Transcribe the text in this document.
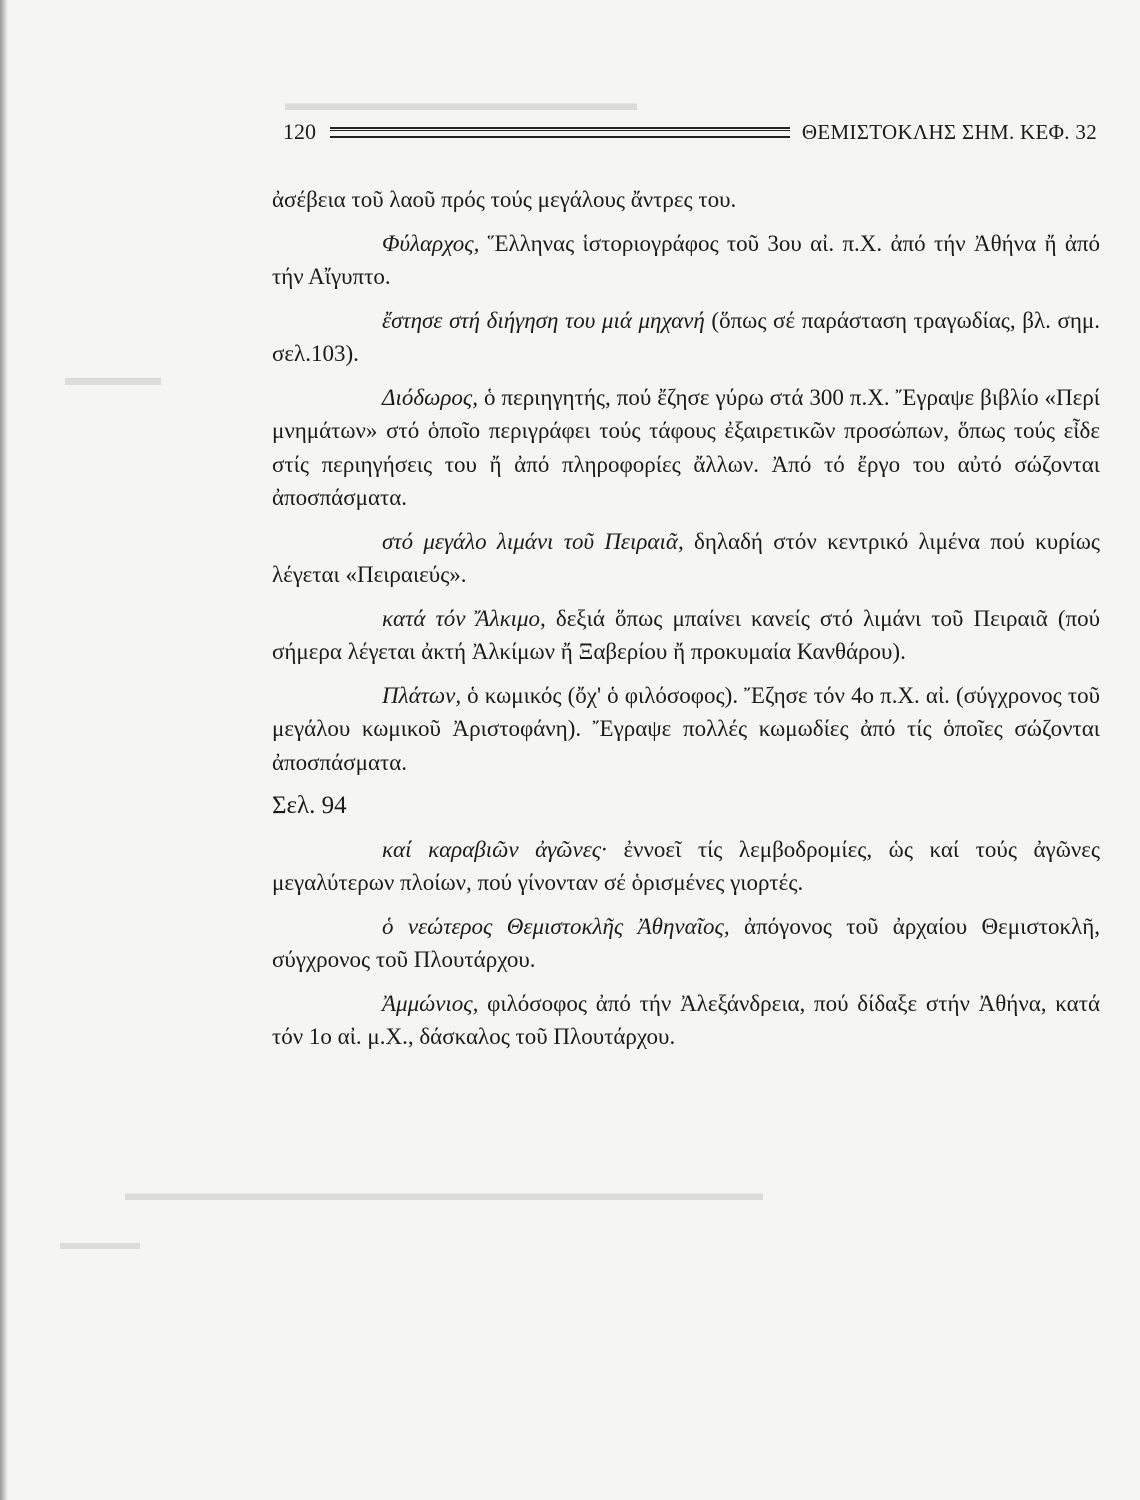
▬▬▬▬▬▬▬▬▬▬▬▬▬▬▬▬
▬▬▬▬
▬▬▬▬▬▬▬▬▬▬▬▬▬▬▬▬▬▬▬▬▬▬▬▬▬▬▬▬▬
▬▬▬▬
120	ΘΕΜΙΣΤΟΚΛΗΣ ΣΗΜ. ΚΕΦ. 32

ἀσέβεια τοῦ λαοῦ πρός τούς μεγάλους ἄντρες του.

Φύλαρχος, Ἕλληνας ἱστοριογράφος τοῦ 3ου αἰ. π.Χ. ἀπό τήν Ἀθήνα ἤ ἀπό τήν Αἴγυπτο.

ἔστησε στή διήγηση του μιά μηχανή (ὅπως σέ παράσταση τραγωδίας, βλ. σημ. σελ.103).

Διόδωρος, ὁ περιηγητής, πού ἔζησε γύρω στά 300 π.Χ. Ἔγραψε βιβλίο «Περί μνημάτων» στό ὁποῖο περιγράφει τούς τάφους ἐξαιρετικῶν προσώπων, ὅπως τούς εἶδε στίς περιηγήσεις του ἤ ἀπό πληροφορίες ἄλλων. Ἀπό τό ἔργο του αὐτό σώζονται ἀποσπάσματα.

στό μεγάλο λιμάνι τοῦ Πειραιᾶ, δηλαδή στόν κεντρικό λιμένα πού κυρίως λέγεται «Πειραιεύς».

κατά τόν Ἄλκιμο, δεξιά ὅπως μπαίνει κανείς στό λιμάνι τοῦ Πειραιᾶ (πού σήμερα λέγεται ἀκτή Ἀλκίμων ἤ Ξαβερίου ἤ προκυμαία Κανθάρου).

Πλάτων, ὁ κωμικός (ὄχ' ὁ φιλόσοφος). Ἔζησε τόν 4ο π.Χ. αἰ. (σύγχρονος τοῦ μεγάλου κωμικοῦ Ἀριστοφάνη). Ἔγραψε πολλές κωμωδίες ἀπό τίς ὁποῖες σώζονται ἀποσπάσματα.

Σελ. 94

καί καραβιῶν ἀγῶνες· ἐννοεῖ τίς λεμβοδρομίες, ὡς καί τούς ἀγῶνες μεγαλύτερων πλοίων, πού γίνονταν σέ ὁρισμένες γιορτές.

ὁ νεώτερος Θεμιστοκλῆς Ἀθηναῖος, ἀπόγονος τοῦ ἀρχαίου Θεμιστοκλῆ, σύγχρονος τοῦ Πλουτάρχου.

Ἀμμώνιος, φιλόσοφος ἀπό τήν Ἀλεξάνδρεια, πού δίδαξε στήν Ἀθήνα, κατά τόν 1ο αἰ. μ.Χ., δάσκαλος τοῦ Πλουτάρχου.
